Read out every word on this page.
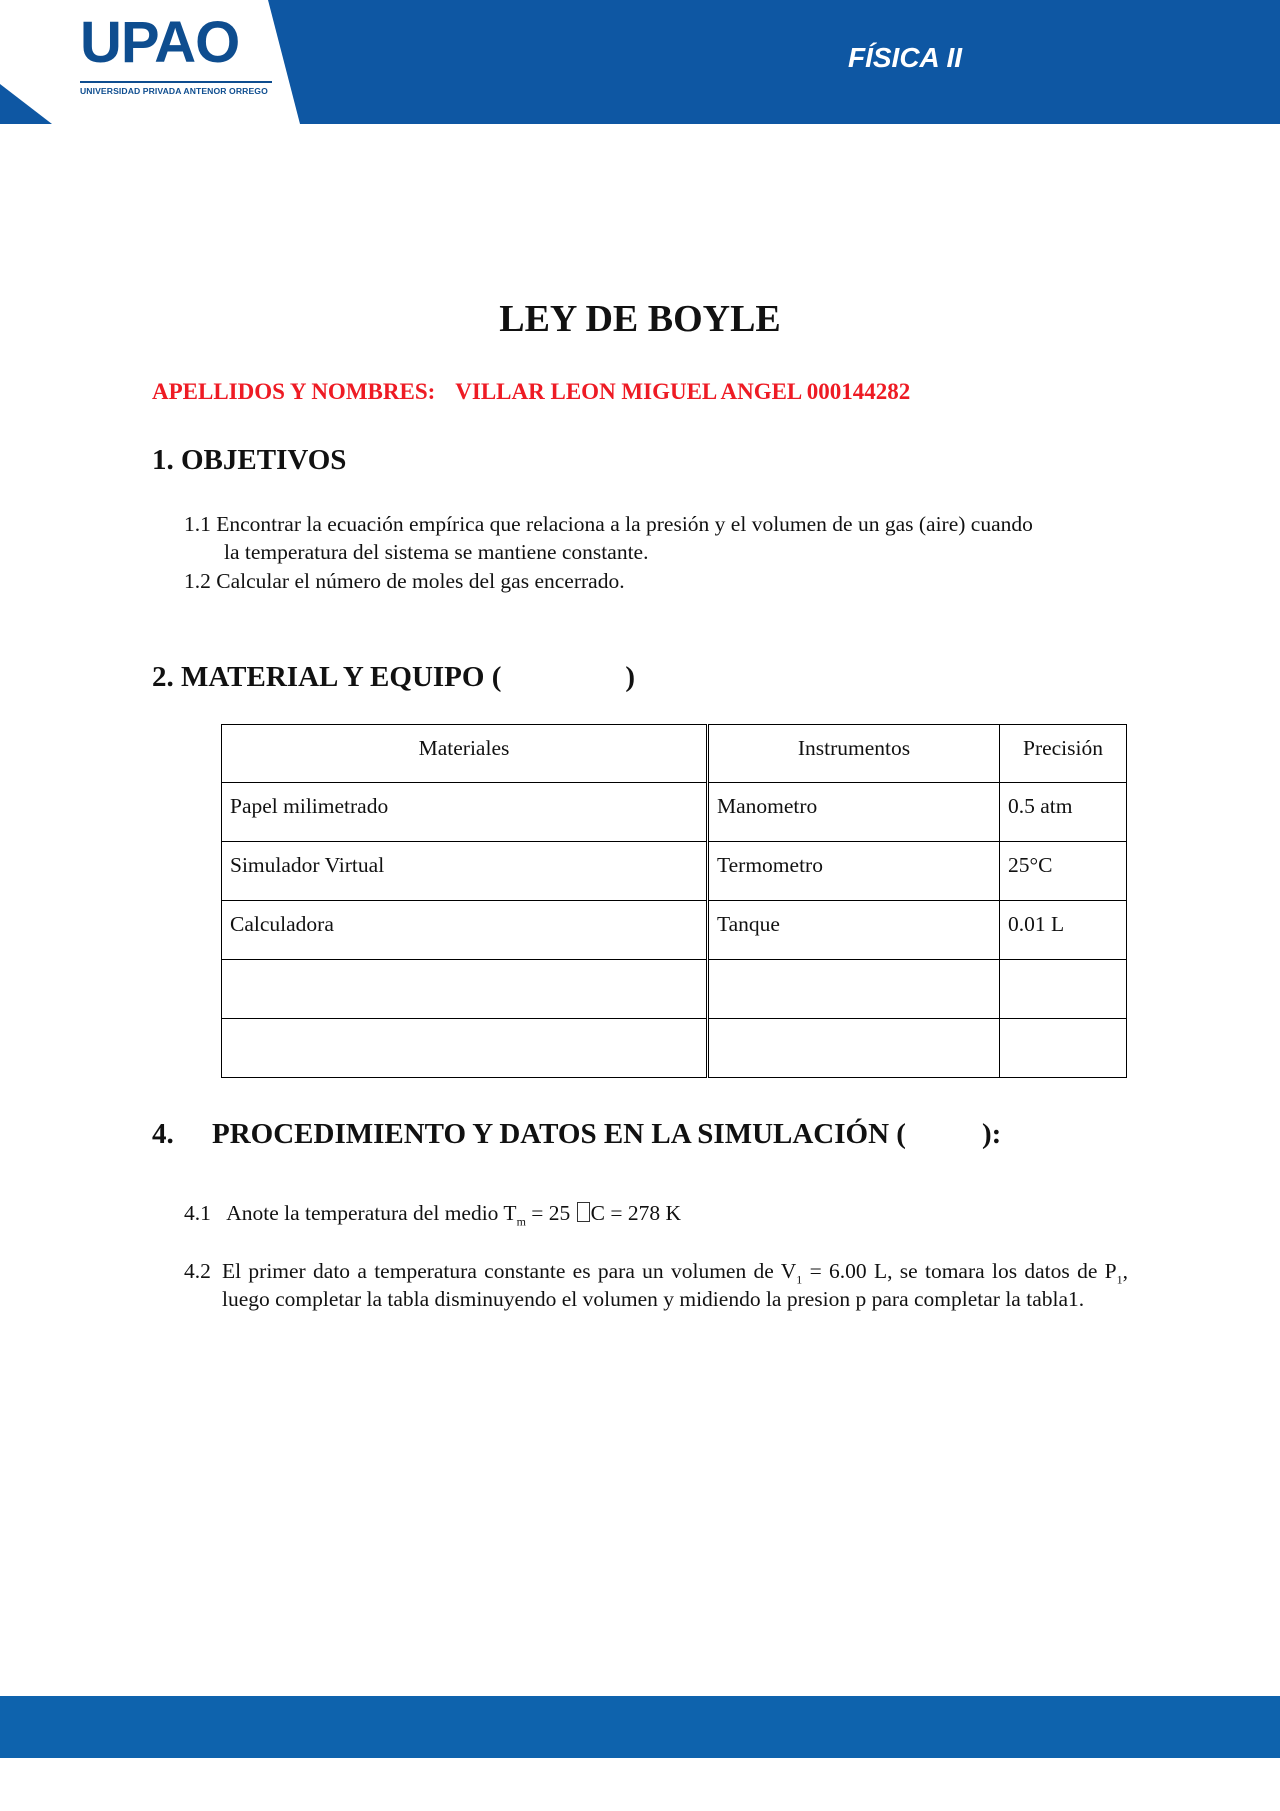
UPAO
UNIVERSIDAD PRIVADA ANTENOR ORREGO
FÍSICA II
LEY DE BOYLE
APELLIDOS Y NOMBRES: VILLAR LEON MIGUEL ANGEL 000144282
1. OBJETIVOS
1.1 Encontrar la ecuación empírica que relaciona a la presión y el volumen de un gas (aire) cuando
la temperatura del sistema se mantiene constante.
1.2 Calcular el número de moles del gas encerrado.
2. MATERIAL Y EQUIPO (	)
Materiales	Instrumentos	Precisión
Papel milimetrado	Manometro	0.5 atm
Simulador Virtual	Termometro	25°C
Calculadora	Tanque	0.01 L

4. PROCEDIMIENTO Y DATOS EN LA SIMULACIÓN (	):
4.1 Anote la temperatura del medio $T_m = 25$ C = 278 K
4.2 El primer dato a temperatura constante es para un volumen de $V_1 = 6.00$ L, se tomara los datos de $P_1$, luego completar la tabla disminuyendo el volumen y midiendo la presion p para completar la tabla1.
